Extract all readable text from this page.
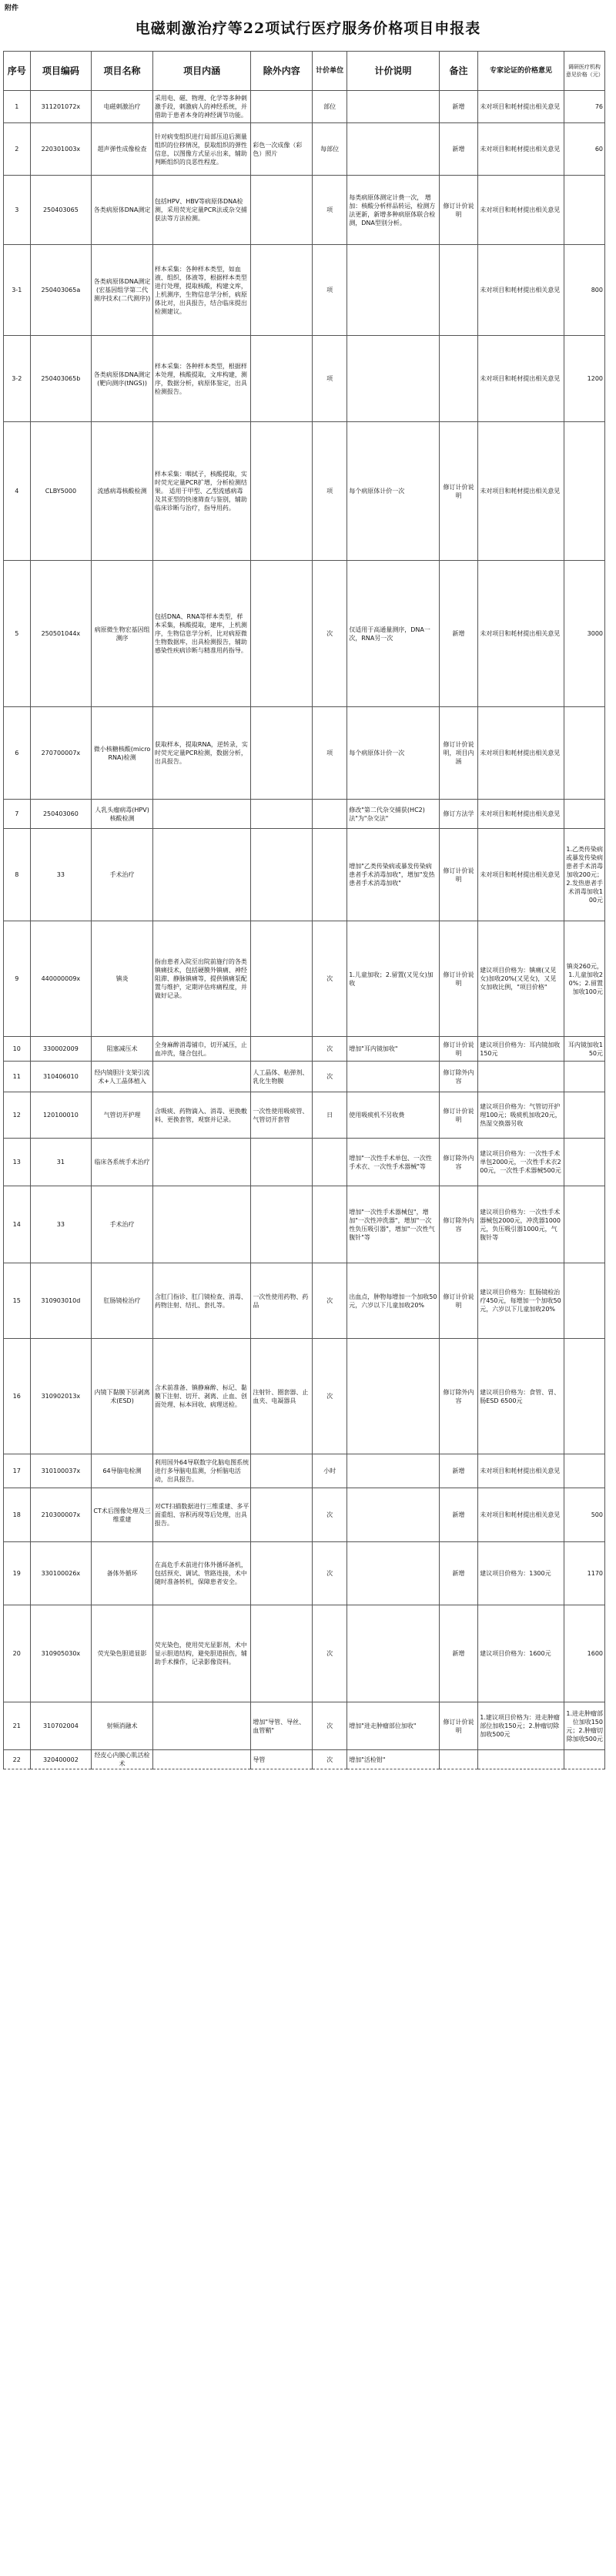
附件
电磁刺激治疗等22项试行医疗服务价格项目申报表
序号	项目编码	项目名称	项目内涵	除外内容	计价单位	计价说明	备注	专家论证的价格意见	调研医疗机构意见价格（元）
1	311201072x	电磁刺激治疗	采用电、磁、物理、化学等多种刺激手段，刺激病人的神经系统，并借助于患者本身的神经调节功能。		部位		新增	未对项目和耗材提出相关意见	76
2	220301003x	超声弹性成像检查	针对病变组织进行局部压迫后测量组织的位移情况，获取组织的弹性信息，以图像方式显示出来，辅助判断组织的良恶性程度。	彩色一次成像（彩色）照片	每部位		新增	未对项目和耗材提出相关意见	60
3	250403065	各类病原体DNA测定	包括HPV、HBV等病原体DNA检测，采用荧光定量PCR法或杂交捕获法等方法检测。		项	每类病原体测定计费一次， 增加：核酸分析样品转运，检测方法更新，新增多种病原体联合检测，DNA型别分析。	修订计价说明	未对项目和耗材提出相关意见	
3-1	250403065a	各类病原体DNA测定(宏基因组学第二代测序技术(二代测序))	样本采集：各种样本类型，如血液、组织、体液等，根据样本类型进行处理，提取核酸，构建文库，上机测序，生物信息学分析，病原体比对，出具报告，结合临床提出检测建议。		项			未对项目和耗材提出相关意见	800
3-2	250403065b	各类病原体DNA测定(靶向测序(tNGS))	样本采集：各种样本类型，根据样本处理，核酸提取，文库构建，测序，数据分析，病原体鉴定，出具检测报告。		项			未对项目和耗材提出相关意见	1200
4	CLBY5000	流感病毒核酸检测	样本采集：咽拭子，核酸提取，实时荧光定量PCR扩增，分析检测结果。 适用于甲型、乙型流感病毒及其亚型的快速筛查与鉴别，辅助临床诊断与治疗，指导用药。		项	每个病原体计价一次	修订计价说明	未对项目和耗材提出相关意见	
5	250501044x	病原微生物宏基因组测序	包括DNA、RNA等样本类型，样本采集，核酸提取，建库，上机测序，生物信息学分析，比对病原微生物数据库，出具检测报告，辅助感染性疾病诊断与精准用药指导。		次	仅适用于高通量测序，DNA一次，RNA另一次	新增	未对项目和耗材提出相关意见	3000
6	270700007x	微小核糖核酸(microRNA)检测	获取样本，提取RNA，逆转录，实时荧光定量PCR检测，数据分析，出具报告。		项	每个病原体计价一次	修订计价说明，项目内涵	未对项目和耗材提出相关意见	
7	250403060	人乳头瘤病毒(HPV)核酸检测				修改"第二代杂交捕获(HC2)法"为"杂交法"	修订方法学	未对项目和耗材提出相关意见	
8	33	手术治疗				增加"乙类传染病或暴发传染病患者手术消毒加收"，增加"发热患者手术消毒加收"	修订计价说明	未对项目和耗材提出相关意见	1.乙类传染病或暴发传染病患者手术消毒加收200元；2.发热患者手术消毒加收100元
9	440000009x	镇炎	指由患者入院至出院前施行的各类镇痛技术，包括硬膜外镇痛、神经阻滞、静脉镇痛等，提供镇痛泵配置与维护，定期评估疼痛程度，并做好记录。		次	1.儿童加收；2.留置(又见女)加收	修订计价说明	建议项目价格为：镇痛(又见女)加收20%(又见女)，又见女加收比例，"项目价格"	镇炎260元，1.儿童加收20%；2.留置加收100元
10	330002009	阻塞减压术	全身麻醉消毒铺巾，切开减压，止血冲洗，缝合包扎。		次	增加"耳内镜加收"	修订计价说明	建议项目价格为：耳内镜加收150元	耳内镜加收150元
11	310406010	经内镜胆汁支架引流术+人工晶体植入		人工晶体、粘弹剂、乳化生物膜	次		修订除外内容		
12	120100010	气管切开护理	含吸痰、药物滴入、消毒、更换敷料、更换套管，观察并记录。	一次性使用吸痰管、气管切开套管	日	使用吸痰机不另收费	修订计价说明	建议项目价格为：气管切开护理100元；吸痰机加收20元，热湿交换器另收	
13	31	临床各系统手术治疗				增加"一次性手术单包、一次性手术衣、一次性手术器械"等	修订除外内容	建议项目价格为：一次性手术单包2000元，一次性手术衣200元，一次性手术器械500元	
14	33	手术治疗				增加"一次性手术器械包"，增加"一次性冲洗器"，增加"一次性负压吸引器"，增加"一次性气腹针"等	修订除外内容	建议项目价格为：一次性手术器械包2000元，冲洗器1000元，负压吸引器1000元，气腹针等	
15	310903010d	肛肠镜检治疗	含肛门指诊、肛门镜检查、消毒、药物注射、结扎、套扎等。	一次性使用药物、药品	次	出血点，肿物每增加一个加收50元，六岁以下儿童加收20%	修订计价说明	建议项目价格为：肛肠镜检治疗450元，每增加一个加收50元，六岁以下儿童加收20%	
16	310902013x	内镜下黏膜下层剥离术(ESD)	含术前准备、镇静麻醉、标记、黏膜下注射、切开、剥离、止血、创面处理、标本回收、病理送检。	注射针、圈套器、止血夹、电凝器具	次		修订除外内容	建议项目价格为：食管、胃、肠ESD 6500元	
17	310100037x	64导脑电检测	利用国外64导联数字化脑电图系统进行多导脑电监测，分析脑电活动，出具报告。		小时		新增	未对项目和耗材提出相关意见	
18	210300007x	CT术后图像处理及三维重建	对CT扫描数据进行三维重建、多平面重组、容积再现等后处理，出具报告。		次		新增	未对项目和耗材提出相关意见	500
19	330100026x	备体外循环	在高危手术前进行体外循环备机，包括预充、调试、管路连接，术中随时准备转机，保障患者安全。		次		新增	建议项目价格为：1300元	1170
20	310905030x	荧光染色胆道显影	荧光染色，使用荧光显影剂，术中显示胆道结构，避免胆道损伤，辅助手术操作，记录影像资料。		次		新增	建议项目价格为：1600元	1600
21	310702004	射频消融术		增加"导管、导丝、血管鞘"	次	增加"进走肿瘤部位加收"	修订计价说明	1.建议项目价格为：进走肿瘤部位加收150元；2.肿瘤切除加收500元	1.进走肿瘤部位加收150元；2.肿瘤切除加收500元
22	320400002	经皮心内膜心肌活检术		导管	次	增加"活检钳"			
